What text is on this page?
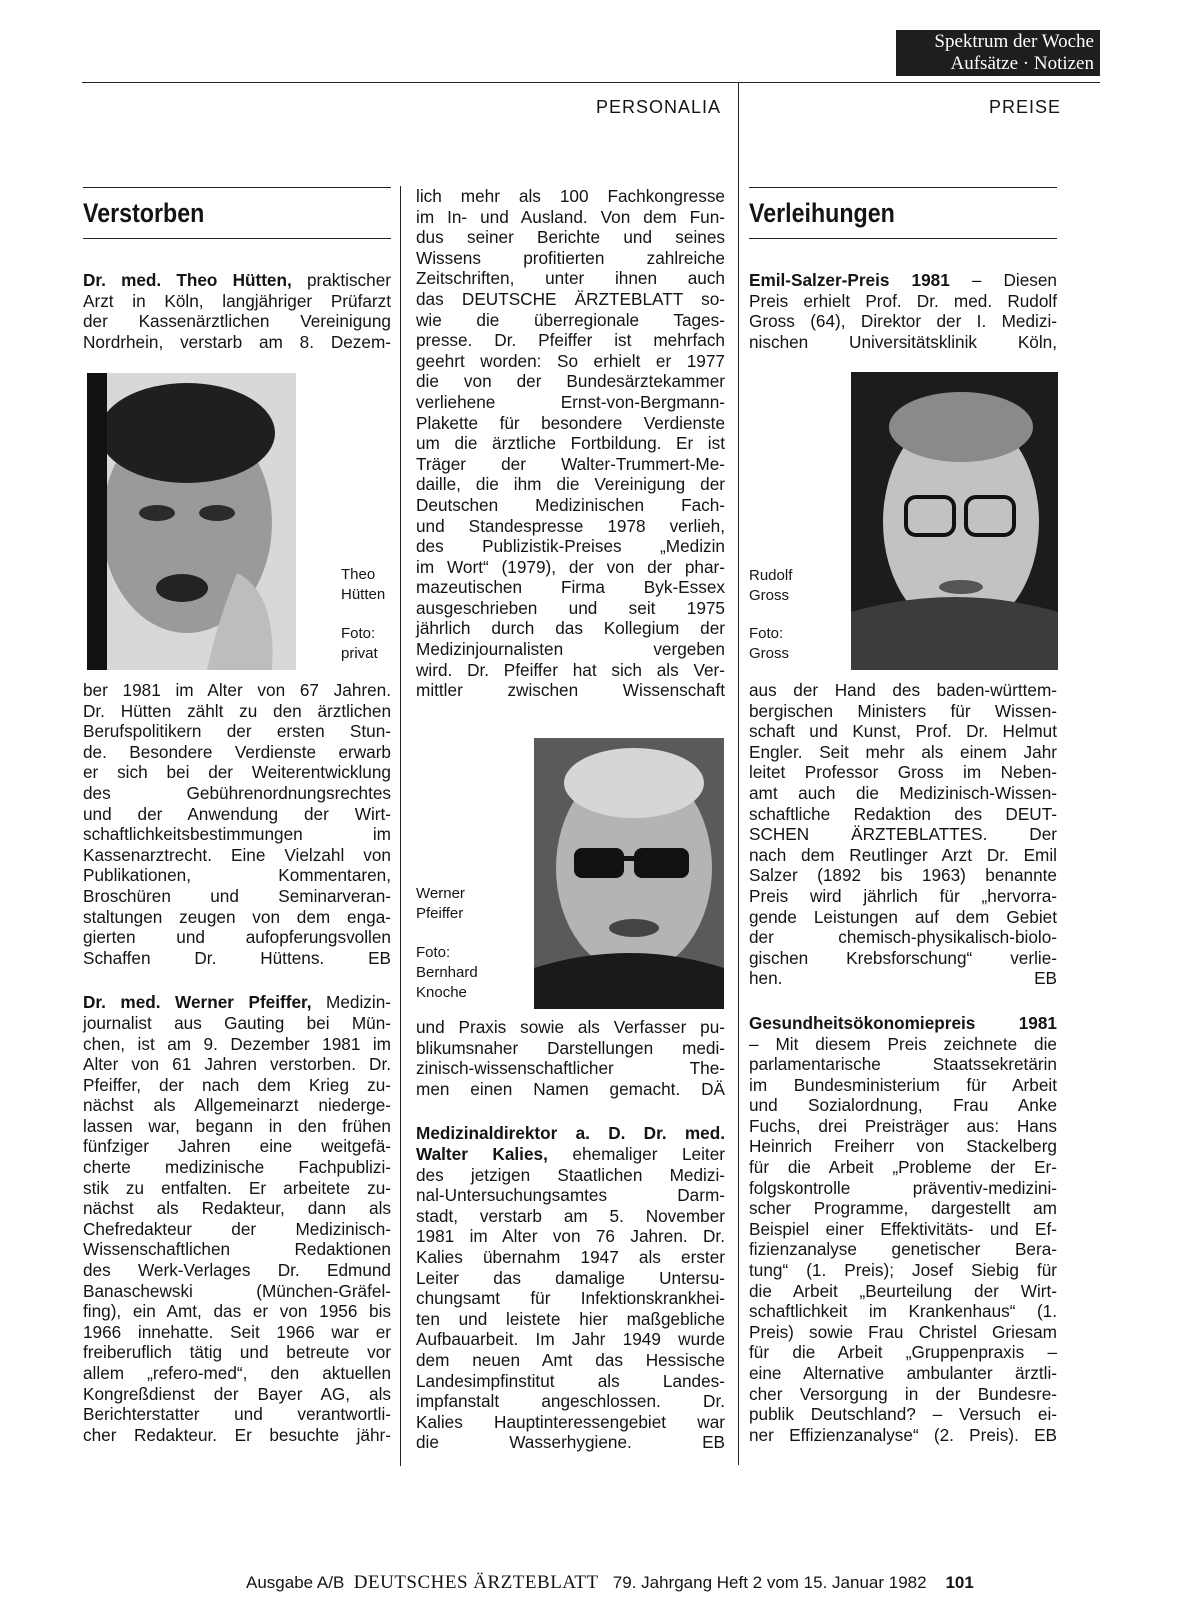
Spektrum der Woche
Aufsätze · Notizen
PERSONALIA	PREISE
Verstorben

Dr. med. Theo Hütten, praktischer

Arzt in Köln, langjähriger Prüfarzt

der Kassenärztlichen Vereinigung

Nordrhein, verstarb am 8. Dezem-

Theo
Hütten
Foto:
privat

ber 1981 im Alter von 67 Jahren.

Dr. Hütten zählt zu den ärztlichen

Berufspolitikern der ersten Stun-

de. Besondere Verdienste erwarb

er sich bei der Weiterentwicklung

des Gebührenordnungsrechtes

und der Anwendung der Wirt-

schaftlichkeitsbestimmungen im

Kassenarztrecht. Eine Vielzahl von

Publikationen, Kommentaren,

Broschüren und Seminarveran-

staltungen zeugen von dem enga-

gierten und aufopferungsvollen

Schaffen Dr. Hüttens.	EB

Dr. med. Werner Pfeiffer, Medizin-

journalist aus Gauting bei Mün-

chen, ist am 9. Dezember 1981 im

Alter von 61 Jahren verstorben. Dr.

Pfeiffer, der nach dem Krieg zu-

nächst als Allgemeinarzt niederge-

lassen war, begann in den frühen

fünfziger Jahren eine weitgefä-

cherte medizinische Fachpublizi-

stik zu entfalten. Er arbeitete zu-

nächst als Redakteur, dann als

Chefredakteur der Medizinisch-

Wissenschaftlichen Redaktionen

des Werk-Verlages Dr. Edmund

Banaschewski (München-Gräfel-

fing), ein Amt, das er von 1956 bis

1966 innehatte. Seit 1966 war er

freiberuflich tätig und betreute vor

allem „refero-med“, den aktuellen

Kongreßdienst der Bayer AG, als

Berichterstatter und verantwortli-

cher Redakteur. Er besuchte jähr-

lich mehr als 100 Fachkongresse

im In- und Ausland. Von dem Fun-

dus seiner Berichte und seines

Wissens profitierten zahlreiche

Zeitschriften, unter ihnen auch

das DEUTSCHE ÄRZTEBLATT so-

wie die überregionale Tages-

presse. Dr. Pfeiffer ist mehrfach

geehrt worden: So erhielt er 1977

die von der Bundesärztekammer

verliehene Ernst-von-Bergmann-

Plakette für besondere Verdienste

um die ärztliche Fortbildung. Er ist

Träger der Walter-Trummert-Me-

daille, die ihm die Vereinigung der

Deutschen Medizinischen Fach-

und Standespresse 1978 verlieh,

des Publizistik-Preises „Medizin

im Wort“ (1979), der von der phar-

mazeutischen Firma Byk-Essex

ausgeschrieben und seit 1975

jährlich durch das Kollegium der

Medizinjournalisten vergeben

wird. Dr. Pfeiffer hat sich als Ver-

mittler zwischen Wissenschaft

Werner
Pfeiffer
Foto:
Bernhard
Knoche

und Praxis sowie als Verfasser pu-

blikumsnaher Darstellungen medi-

zinisch-wissenschaftlicher The-

men einen Namen gemacht. DÄ

Medizinaldirektor a. D. Dr. med.

Walter Kalies, ehemaliger Leiter

des jetzigen Staatlichen Medizi-

nal-Untersuchungsamtes Darm-

stadt, verstarb am 5. November

1981 im Alter von 76 Jahren. Dr.

Kalies übernahm 1947 als erster

Leiter das damalige Untersu-

chungsamt für Infektionskrankhei-

ten und leistete hier maßgebliche

Aufbauarbeit. Im Jahr 1949 wurde

dem neuen Amt das Hessische

Landesimpfinstitut als Landes-

impfanstalt angeschlossen. Dr.

Kalies Hauptinteressengebiet war

die Wasserhygiene.	EB

Verleihungen

Emil-Salzer-Preis 1981 – Diesen

Preis erhielt Prof. Dr. med. Rudolf

Gross (64), Direktor der I. Medizi-

nischen Universitätsklinik Köln,

Rudolf
Gross
Foto:
Gross

aus der Hand des baden-württem-

bergischen Ministers für Wissen-

schaft und Kunst, Prof. Dr. Helmut

Engler. Seit mehr als einem Jahr

leitet Professor Gross im Neben-

amt auch die Medizinisch-Wissen-

schaftliche Redaktion des DEUT-

SCHEN ÄRZTEBLATTES. Der

nach dem Reutlinger Arzt Dr. Emil

Salzer (1892 bis 1963) benannte

Preis wird jährlich für „hervorra-

gende Leistungen auf dem Gebiet

der chemisch-physikalisch-biolo-

gischen Krebsforschung“ verlie-

hen.	EB

Gesundheitsökonomiepreis 1981

– Mit diesem Preis zeichnete die

parlamentarische Staatssekretärin

im Bundesministerium für Arbeit

und Sozialordnung, Frau Anke

Fuchs, drei Preisträger aus: Hans

Heinrich Freiherr von Stackelberg

für die Arbeit „Probleme der Er-

folgskontrolle präventiv-medizini-

scher Programme, dargestellt am

Beispiel einer Effektivitäts- und Ef-

fizienzanalyse genetischer Bera-

tung“ (1. Preis); Josef Siebig für

die Arbeit „Beurteilung der Wirt-

schaftlichkeit im Krankenhaus“ (1.

Preis) sowie Frau Christel Griesam

für die Arbeit „Gruppenpraxis –

eine Alternative ambulanter ärztli-

cher Versorgung in der Bundesre-

publik Deutschland? – Versuch ei-

ner Effizienzanalyse“ (2. Preis). EB

Ausgabe A/B DEUTSCHES ÄRZTEBLATT 79. Jahrgang Heft 2 vom 15. Januar 1982 101
